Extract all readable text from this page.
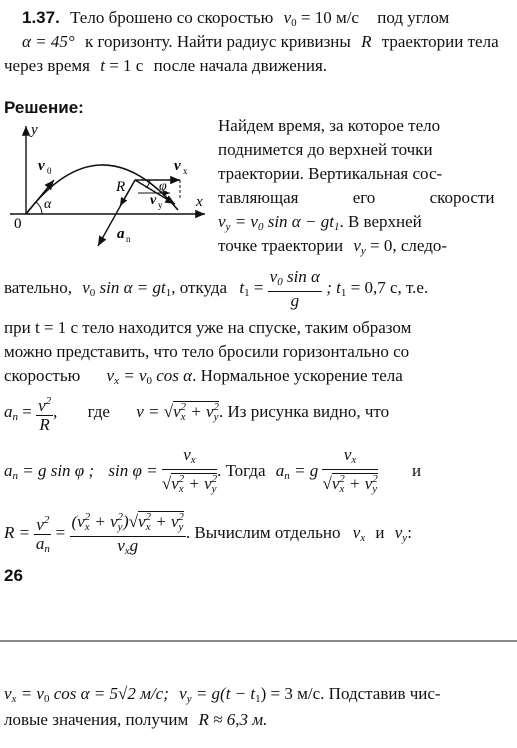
1.37. Тело брошено со скоростью $v_0 = 10$ м/с под углом
α = 45° к горизонту. Найти радиус кривизны R траектории тела
через время t = 1 с после начала движения.
Решение:
y
x
0
v 0
α
R
v x
v y
φ
a n
Найдем время, за которое тело
поднимется до верхней точки
траектории. Вертикальная сос-
тавляющая	его	скорости
$v_y = v_0$ $\sin \alpha - gt_1$. В верхней
точке траектории $v_y = 0$, следо-
вательно, $v_0$ $\sin \alpha = gt_1$, откуда $t_1 = \frac{v_0 \sin \alpha}{g}$ ; $t_1 = 0,7$ с, т.е.
при t = 1 с тело находится уже на спуске, таким образом
можно представить, что тело бросили горизонтально со
скоростью $v_x = v_0$ cos α. Нормальное ускорение тела
$a_n = \frac{v^2}{R}$ , где $v = √v_x^2 + v_y^2$. Из рисунка видно, что
$a_n = g$ sin φ ; $\sin \varphi = \frac{v_x}{√v_x^2 + v_y^2}$ . Тогда $a_n = g \frac{v_x}{√v_x^2 + v_y^2}$ и
$R = \frac{v^2}{a_n} = \frac{(v_x^2 + v_y^2)√v_x^2 + v_y^2}{v_xg}$ . Вычислим отдельно $v_x$ и $v_y$:
26
$v_x = v_0$ cos α = 5√2 м/с; $v_y = g(t - t_1) = 3$ м/с. Подставив чис-
ловые значения, получим R ≈ 6,3 м.
